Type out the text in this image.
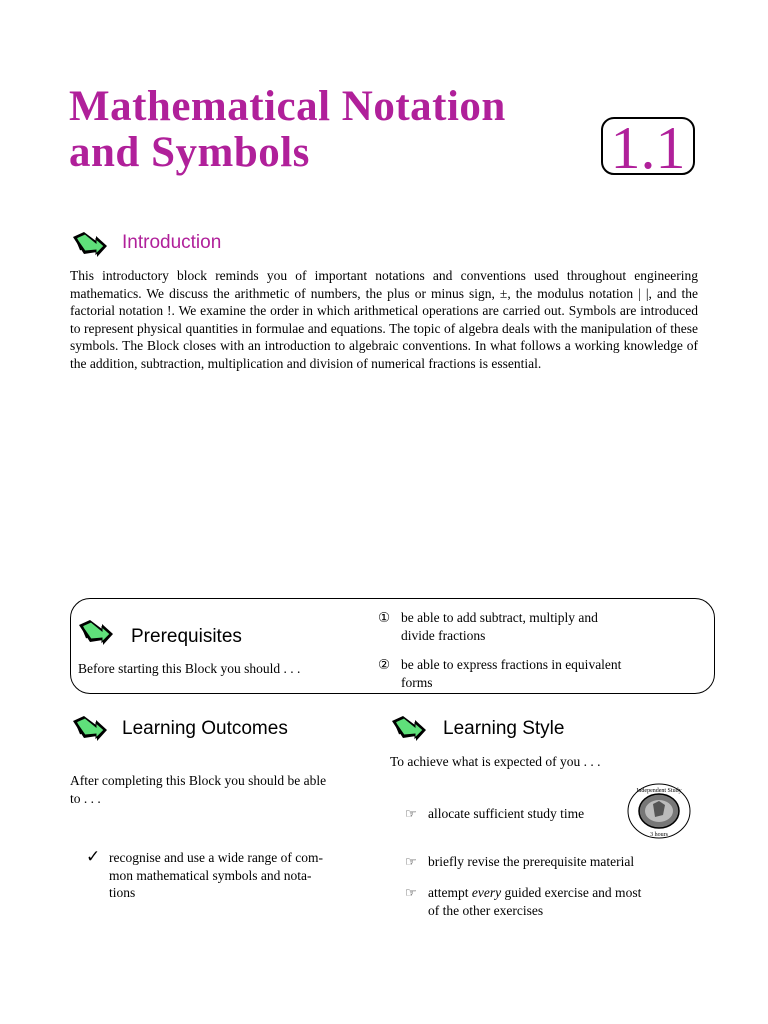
Mathematical Notation
and Symbols	1.1
Introduction
This introductory block reminds you of important notations and conventions used throughout engineering mathematics. We discuss the arithmetic of numbers, the plus or minus sign, ±, the modulus notation | |, and the factorial notation !. We examine the order in which arithmetical operations are carried out. Symbols are introduced to represent physical quantities in formulae and equations. The topic of algebra deals with the manipulation of these symbols. The Block closes with an introduction to algebraic conventions. In what follows a working knowledge of the addition, subtraction, multiplication and division of numerical fractions is essential.
Prerequisites
Before starting this Block you should . . .
① be able to add subtract, multiply and
divide fractions
② be able to express fractions in equivalent
forms
Learning Outcomes
After completing this Block you should be able
to . . .
✓ recognise and use a wide range of com-
mon mathematical symbols and nota-
tions
Learning Style
To achieve what is expected of you . . .
Independent Study
3 hours
☞ allocate sufficient study time
☞ briefly revise the prerequisite material
☞ attempt every guided exercise and most
of the other exercises
